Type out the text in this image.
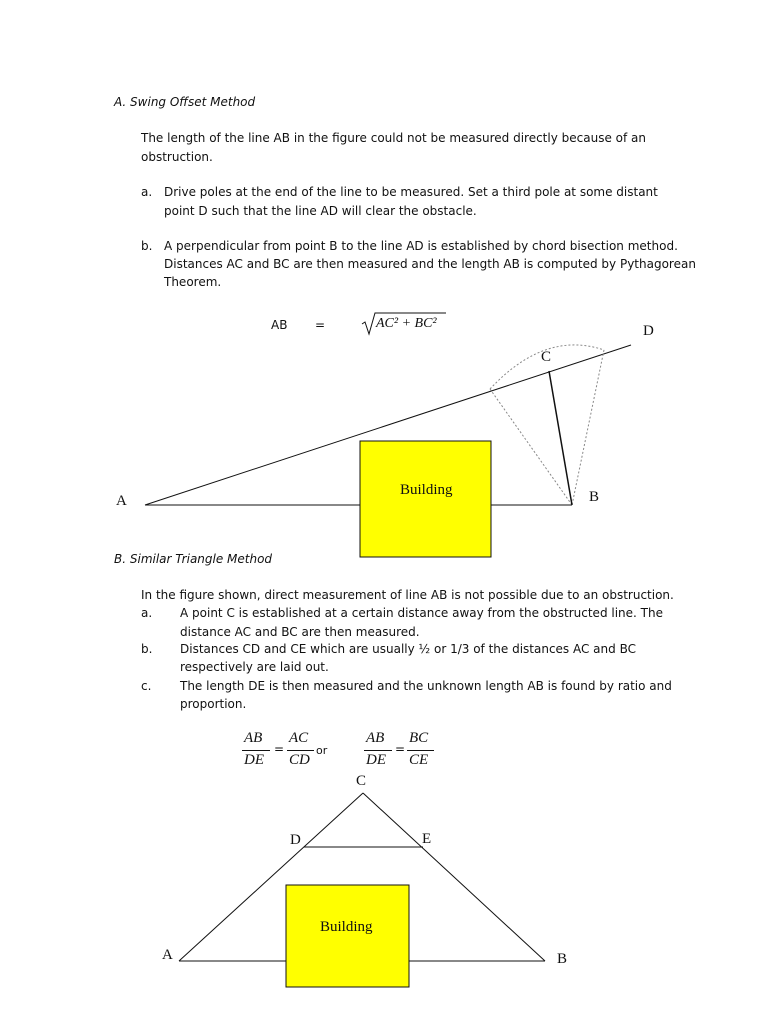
A. Swing Offset Method

The length of the line AB in the figure could not be measured directly because of an

obstruction.

a. Drive poles at the end of the line to be measured. Set a third pole at some distant

point D such that the line AD will clear the obstacle.

b. A perpendicular from point B to the line AD is established by chord bisection method.

Distances AC and BC are then measured and the length AB is computed by Pythagorean

Theorem.

AB =	AC² + BC²

A	B

C

D

Building

B. Similar Triangle Method

In the figure shown, direct measurement of line AB is not possible due to an obstruction.

a. A point C is established at a certain distance away from the obstructed line. The

distance AC and BC are then measured.

b. Distances CD and CE which are usually ½ or 1/3 of the distances AC and BC

respectively are laid out.

c. The length DE is then measured and the unknown length AB is found by ratio and

proportion.

AB

DE

=

AC

CD

or

AB

DE

=

BC

CE

C

D	E

A	B

Building
